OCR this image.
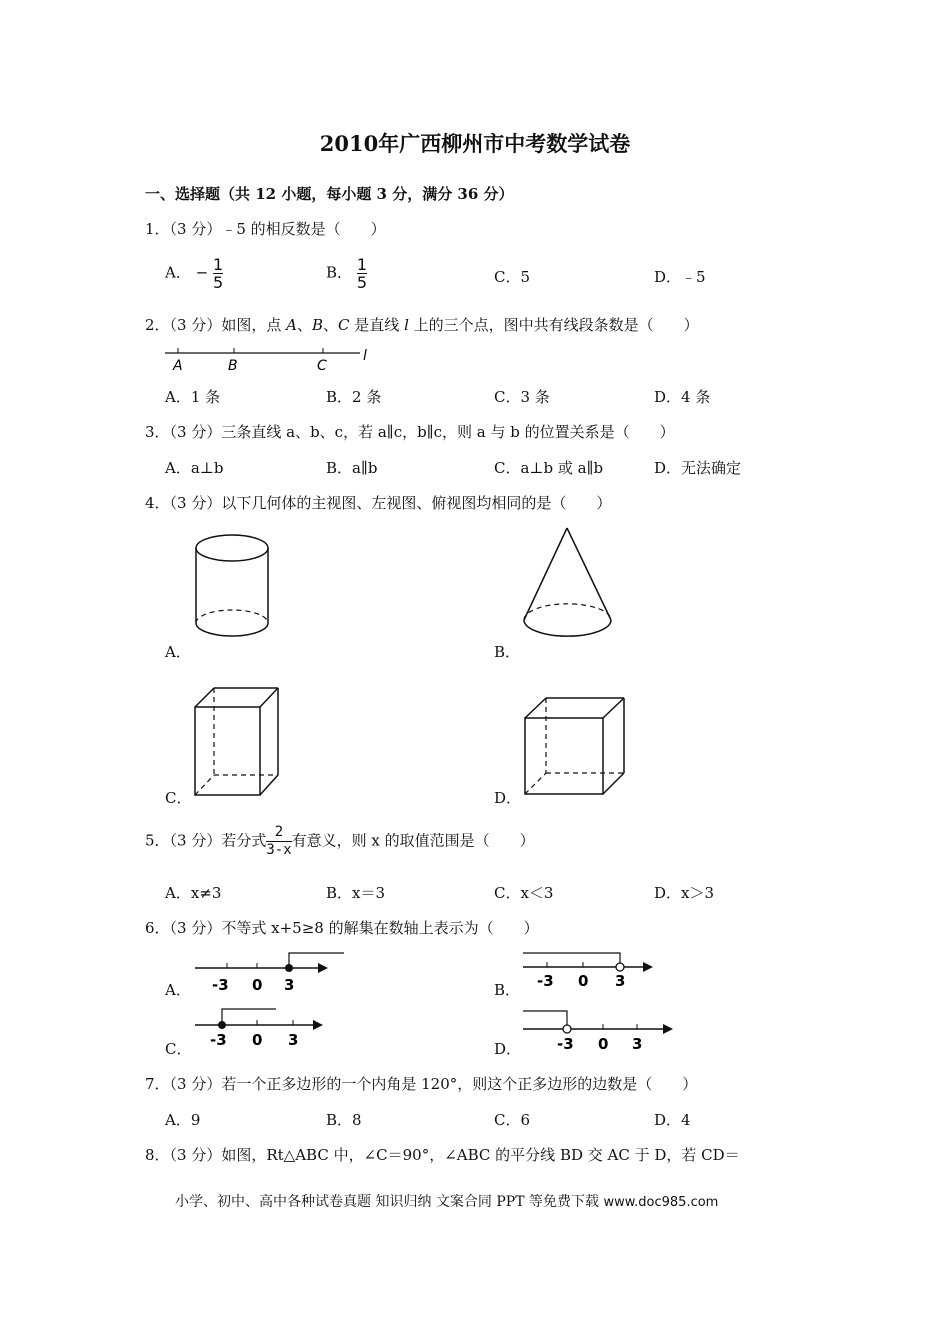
2010年广西柳州市中考数学试卷
一、选择题（共 12 小题，每小题 3 分，满分 36 分）
1．（3 分）﹣5 的相反数是（　　）
A． − $\frac{1}{5}$	B． $\frac{1}{5}$	C．5	D．﹣5
2．（3 分）如图，点 A、B、C 是直线 l 上的三个点，图中共有线段条数是（　　）
A	B	C
l
A．1 条	B．2 条	C．3 条	D．4 条
3．（3 分）三条直线 a、b、c，若 a∥c，b∥c，则 a 与 b 的位置关系是（　　）
A．a⊥b	B．a∥b	C．a⊥b 或 a∥b	D．无法确定
4．（3 分）以下几何体的主视图、左视图、俯视图均相同的是（　　）
A．	B．
C．	D．
5．（3 分）若分式 $\frac{2}{3-x}$ 有意义，则 x 的取值范围是（　　）
A．x≠3	B．x＝3	C．x＜3	D．x＞3
6．（3 分）不等式 x+5≥8 的解集在数轴上表示为（　　）
-3 0 3
A．	-3 0 3
B．
-3 0 3
C．	-3 0 3
D．
7．（3 分）若一个正多边形的一个内角是 120°，则这个正多边形的边数是（　　）
A．9	B．8	C．6	D．4
8．（3 分）如图，Rt△ABC 中，∠C＝90°，∠ABC 的平分线 BD 交 AC 于 D，若 CD＝
小学、初中、高中各种试卷真题 知识归纳 文案合同 PPT 等免费下载 www.doc985.com
